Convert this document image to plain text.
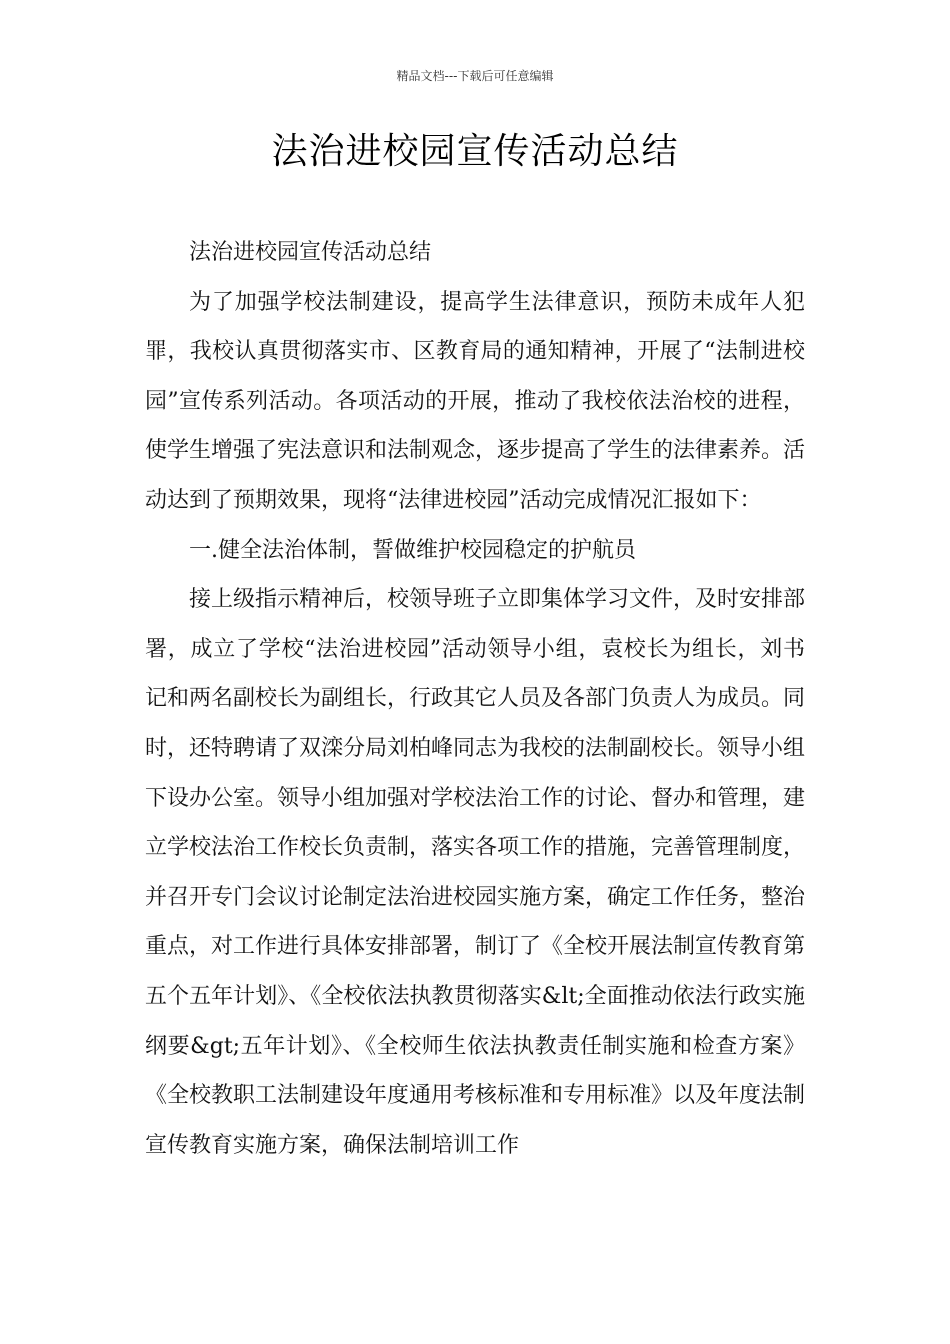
精品文档---下载后可任意编辑
法治进校园宣传活动总结

法治进校园宣传活动总结

为了加强学校法制建设，提高学生法律意识，预防未成年人犯罪，我校认真贯彻落实市、区教育局的通知精神，开展了“法制进校园”宣传系列活动。各项活动的开展，推动了我校依法治校的进程，使学生增强了宪法意识和法制观念，逐步提高了学生的法律素养。活动达到了预期效果，现将“法律进校园”活动完成情况汇报如下：

一.健全法治体制，誓做维护校园稳定的护航员

接上级指示精神后，校领导班子立即集体学习文件，及时安排部署，成立了学校“法治进校园”活动领导小组，袁校长为组长，刘书记和两名副校长为副组长，行政其它人员及各部门负责人为成员。同时，还特聘请了双滦分局刘柏峰同志为我校的法制副校长。领导小组下设办公室。领导小组加强对学校法治工作的讨论、督办和管理，建立学校法治工作校长负责制，落实各项工作的措施，完善管理制度，并召开专门会议讨论制定法治进校园实施方案，确定工作任务，整治重点，对工作进行具体安排部署，制订了《全校开展法制宣传教育第五个五年计划》、《全校依法执教贯彻落实&lt;全面推动依法行政实施纲要&gt;五年计划》、《全校师生依法执教责任制实施和检查方案》《全校教职工法制建设年度通用考核标准和专用标准》以及年度法制宣传教育实施方案，确保法制培训工作
